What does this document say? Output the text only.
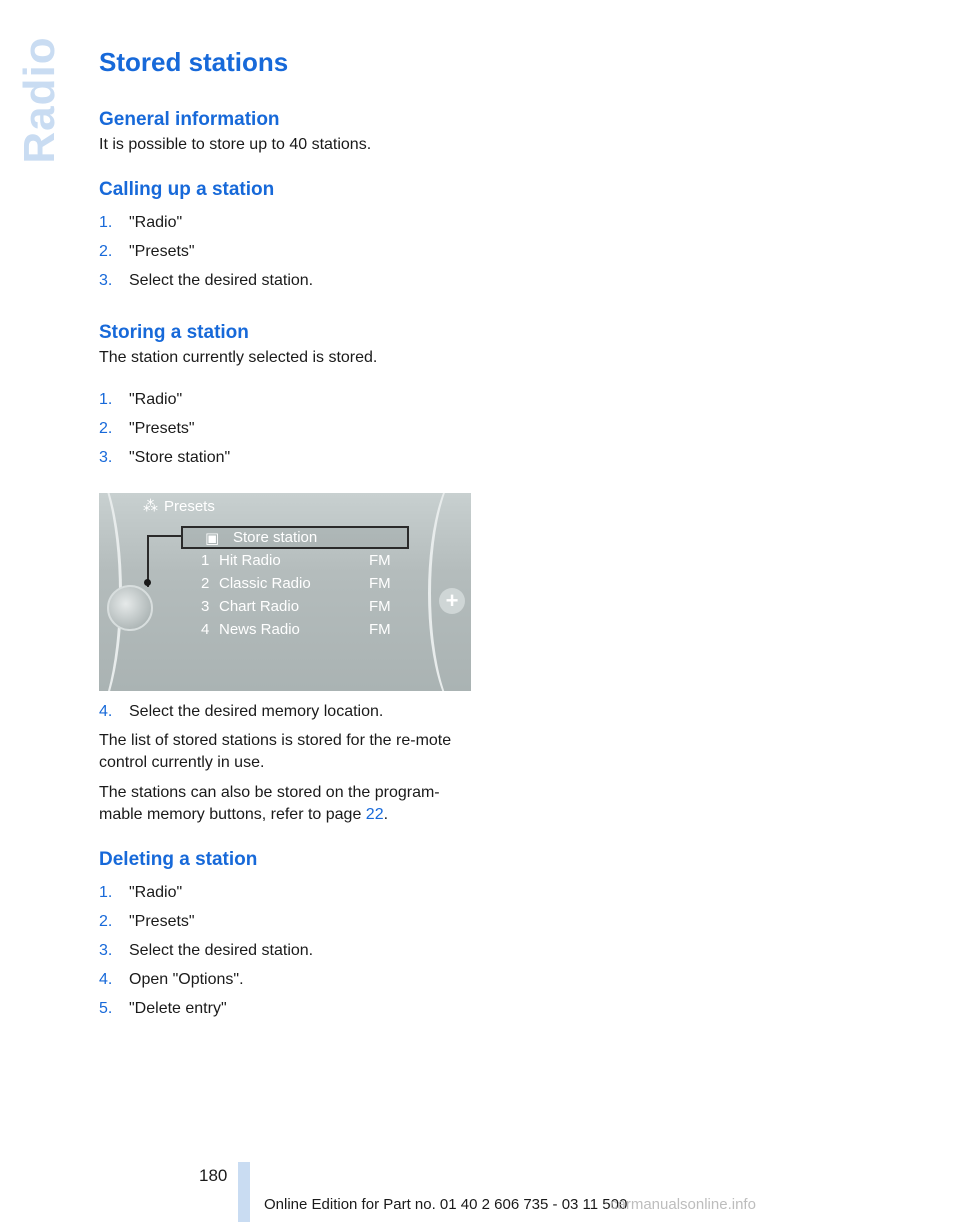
Radio Stored stations
General information

It is possible to store up to 40 stations.

Calling up a station
1.	"Radio"
2.	"Presets"
3.	Select the desired station.
Storing a station

The station currently selected is stored.

1.	"Radio"
2.	"Presets"
3.	"Store station"
⁂ Presets
▣ Store station
1 Hit Radio	FM
2 Classic Radio	FM
3 Chart Radio	FM
4 News Radio	FM
+
4.	Select the desired memory location.

The list of stored stations is stored for the re-mote control currently in use.

The stations can also be stored on the program-mable memory buttons, refer to page 22.

Deleting a station
1.	"Radio"
2.	"Presets"
3.	Select the desired station.
4.	Open "Options".
5.	"Delete entry"
180
Online Edition for Part no. 01 40 2 606 735 - 03 11 500
carmanualsonline.info
